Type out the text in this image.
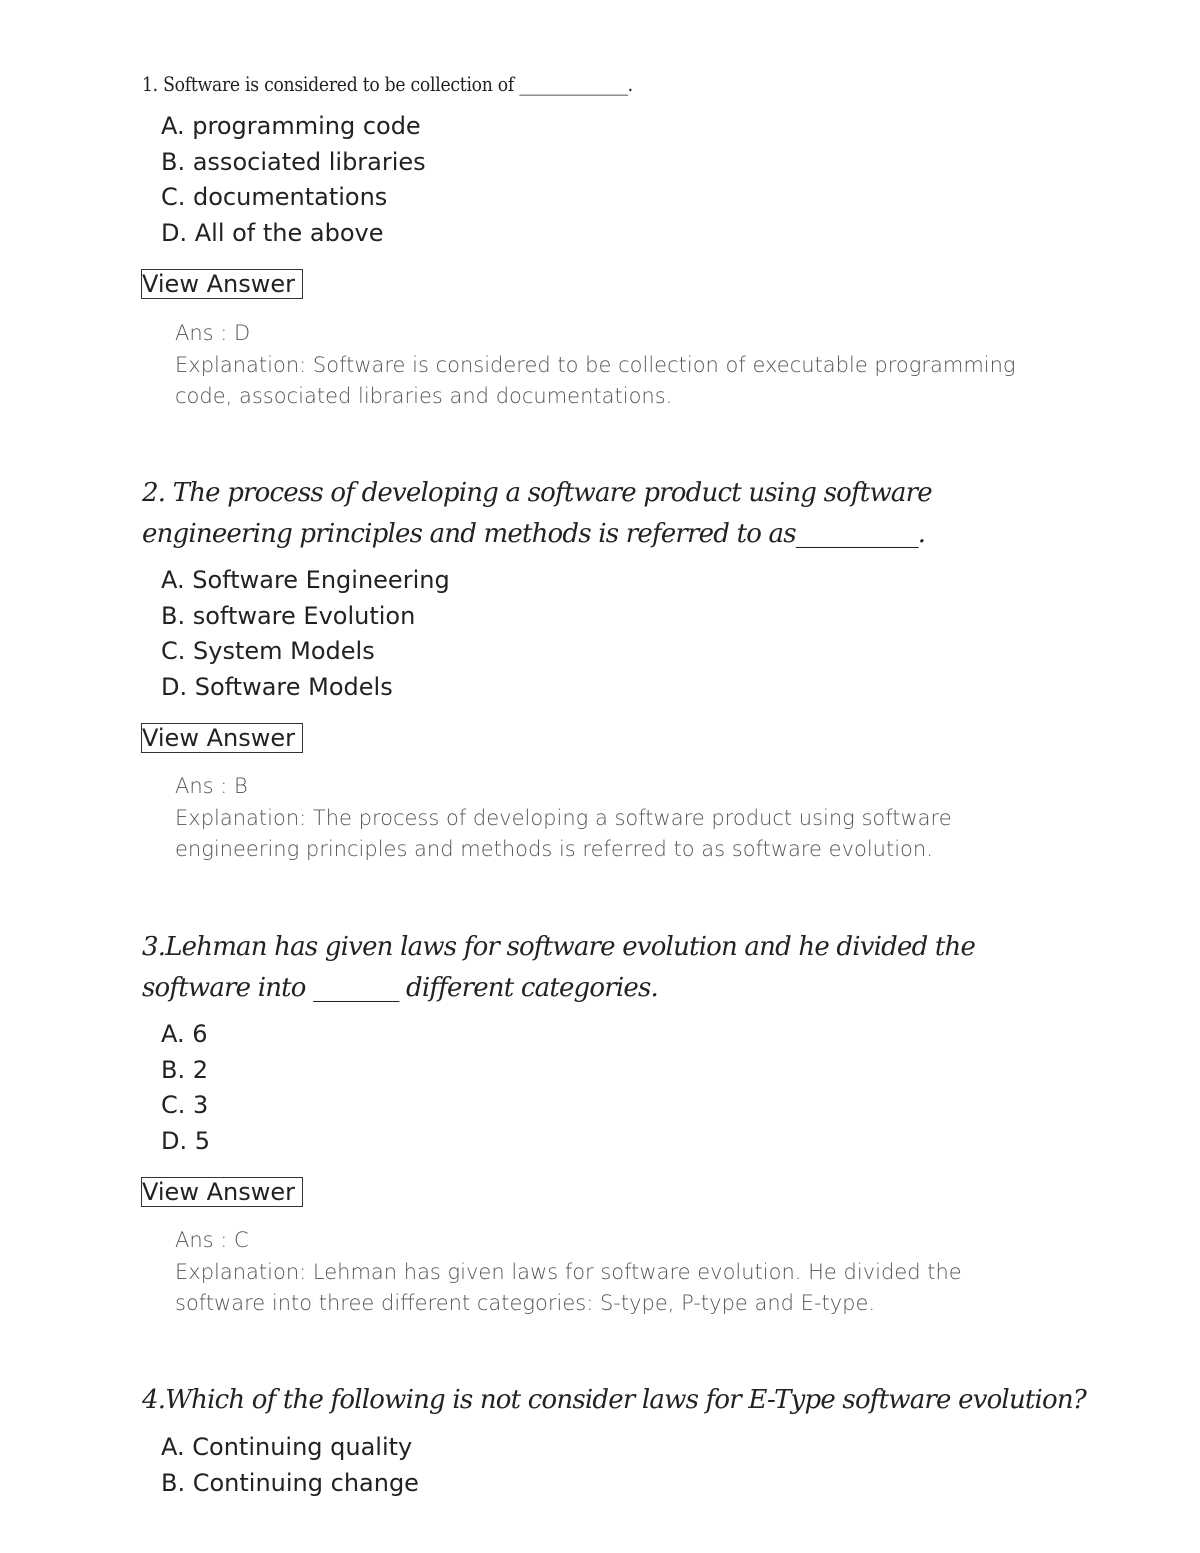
1. Software is considered to be collection of _____________.
A. programming code
B. associated libraries
C. documentations
D. All of the above
View Answer
Ans : D
Explanation: Software is considered to be collection of executable programming code, associated libraries and documentations.
2. The process of developing a software product using software engineering principles and methods is referred to as__________.
A. Software Engineering
B. software Evolution
C. System Models
D. Software Models
View Answer
Ans : B
Explanation: The process of developing a software product using software engineering principles and methods is referred to as software evolution.
3.Lehman has given laws for software evolution and he divided the software into _______ different categories.
A. 6
B. 2
C. 3
D. 5
View Answer
Ans : C
Explanation: Lehman has given laws for software evolution. He divided the software into three different categories: S-type, P-type and E-type.
4.Which of the following is not consider laws for E-Type software evolution?
A. Continuing quality
B. Continuing change
